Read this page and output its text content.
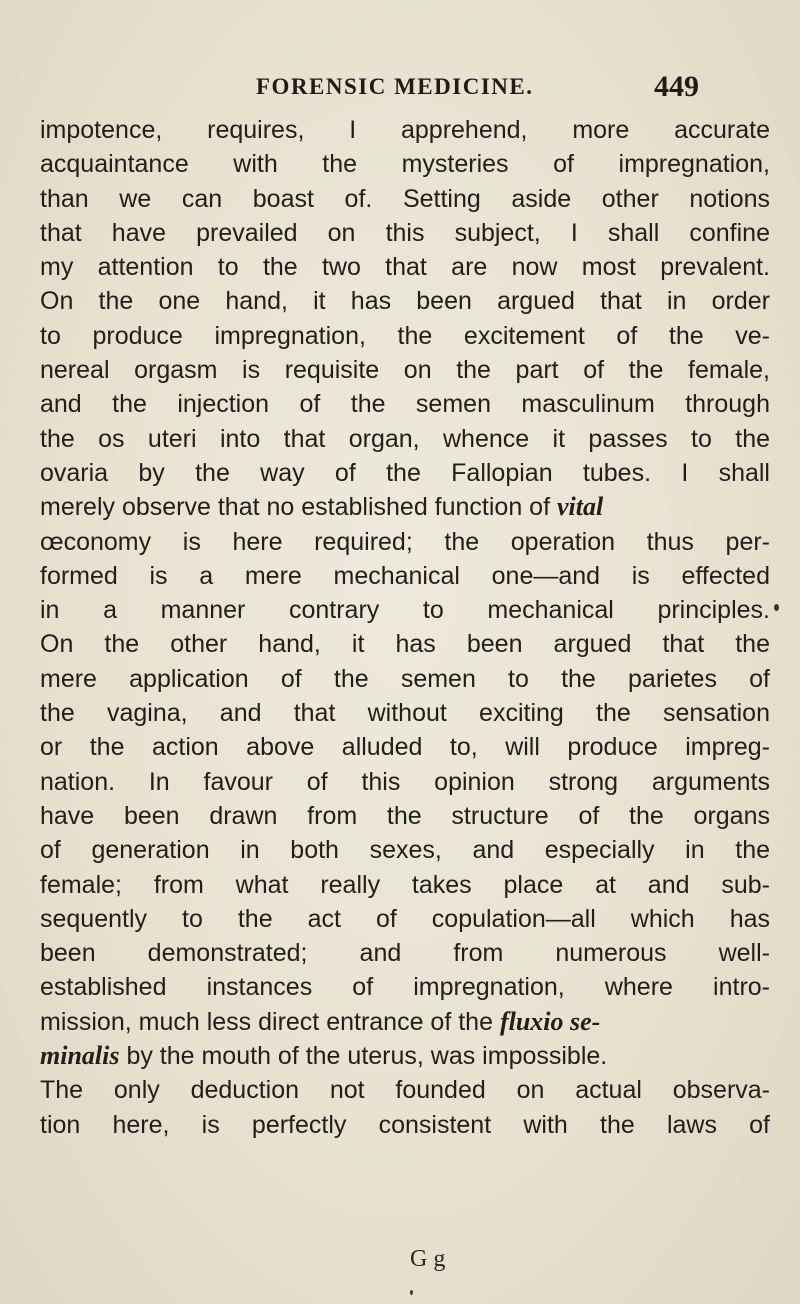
FORENSIC MEDICINE.	449
impotence, requires, I apprehend, more accurate
acquaintance with the mysteries of impregnation,
than we can boast of. Setting aside other notions
that have prevailed on this subject, I shall confine
my attention to the two that are now most prevalent.
On the one hand, it has been argued that in order
to produce impregnation, the excitement of the ve-
nereal orgasm is requisite on the part of the female,
and the injection of the semen masculinum through
the os uteri into that organ, whence it passes to the
ovaria by the way of the Fallopian tubes. I shall
merely observe that no established function of vital
œconomy is here required; the operation thus per-
formed is a mere mechanical one—and is effected
in a manner contrary to mechanical principles.
On the other hand, it has been argued that the
mere application of the semen to the parietes of
the vagina, and that without exciting the sensation
or the action above alluded to, will produce impreg-
nation. In favour of this opinion strong arguments
have been drawn from the structure of the organs
of generation in both sexes, and especially in the
female; from what really takes place at and sub-
sequently to the act of copulation—all which has
been demonstrated; and from numerous well-
established instances of impregnation, where intro-
mission, much less direct entrance of the fluxio se-
minalis by the mouth of the uterus, was impossible.
The only deduction not founded on actual observa-
tion here, is perfectly consistent with the laws of
G g
